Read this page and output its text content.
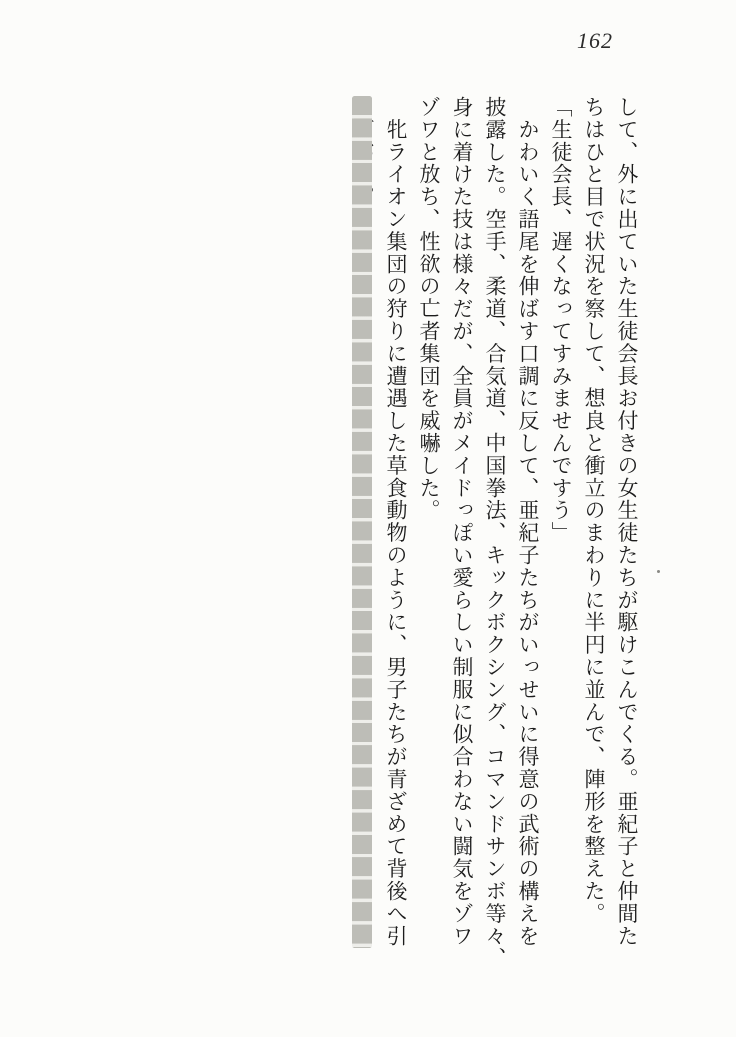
162
して、外に出ていた生徒会長お付きの女生徒たちが駆けこんでくる。亜紀子と仲間た
ちはひと目で状況を察して、想良と衝立のまわりに半円に並んで、陣形を整えた。
「生徒会長、遅くなってすみませんですう」
　かわいく語尾を伸ばす口調に反して、亜紀子たちがいっせいに得意の武術の構えを
披露した。空手、柔道、合気道、中国拳法、キックボクシング、コマンドサンボ等々、
身に着けた技は様々だが、全員がメイドっぽい愛らしい制服に似合わない闘気をゾワ
ゾワと放ち、性欲の亡者集団を威嚇した。
　牝ライオン集団の狩りに遭遇した草食動物のように、男子たちが青ざめて背後へ引
